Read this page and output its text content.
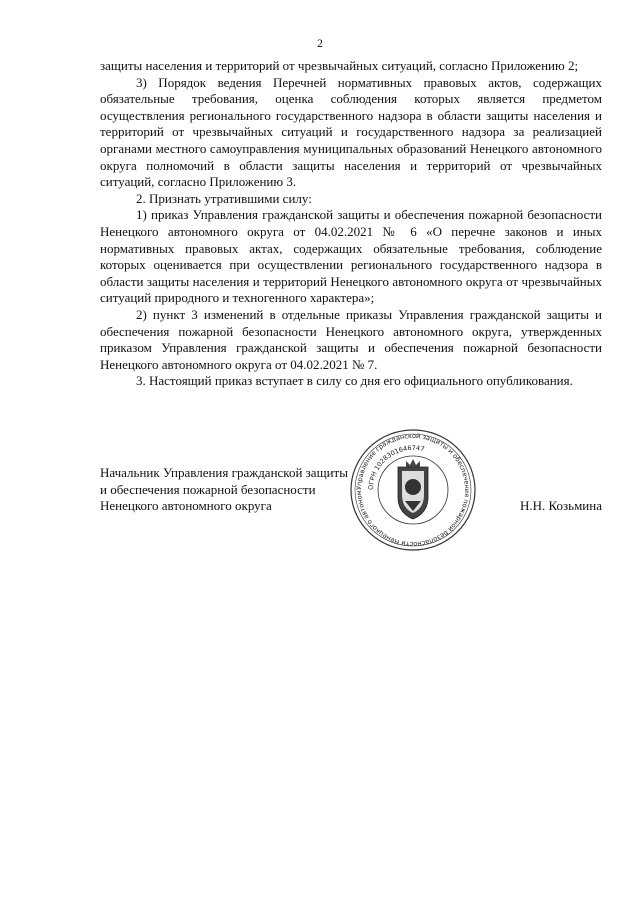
2

защиты населения и территорий от чрезвычайных ситуаций, согласно Приложению 2;

3) Порядок ведения Перечней нормативных правовых актов, содержащих обязательные требования, оценка соблюдения которых является предметом осуществления регионального государственного надзора в области защиты населения и территорий от чрезвычайных ситуаций и государственного надзора за реализацией органами местного самоуправления муниципальных образований Ненецкого автономного округа полномочий в области защиты населения и территорий от чрезвычайных ситуаций, согласно Приложению 3.

2. Признать утратившими силу:

1) приказ Управления гражданской защиты и обеспечения пожарной безопасности Ненецкого автономного округа от 04.02.2021 № 6 «О перечне законов и иных нормативных правовых актах, содержащих обязательные требования, соблюдение которых оценивается при осуществлении регионального государственного надзора в области защиты населения и территорий Ненецкого автономного округа от чрезвычайных ситуаций природного и техногенного характера»;

2) пункт 3 изменений в отдельные приказы Управления гражданской защиты и обеспечения пожарной безопасности Ненецкого автономного округа, утвержденных приказом Управления гражданской защиты и обеспечения пожарной безопасности Ненецкого автономного округа от 04.02.2021 № 7.

3. Настоящий приказ вступает в силу со дня его официального опубликования.

Управление гражданской защиты и обеспечения пожарной безопасности Ненецкого автоном
ОГРН 1028301646747
Начальник Управления гражданской защиты
и обеспечения пожарной безопасности
Ненецкого автономного округа	Н.Н. Козьмина
